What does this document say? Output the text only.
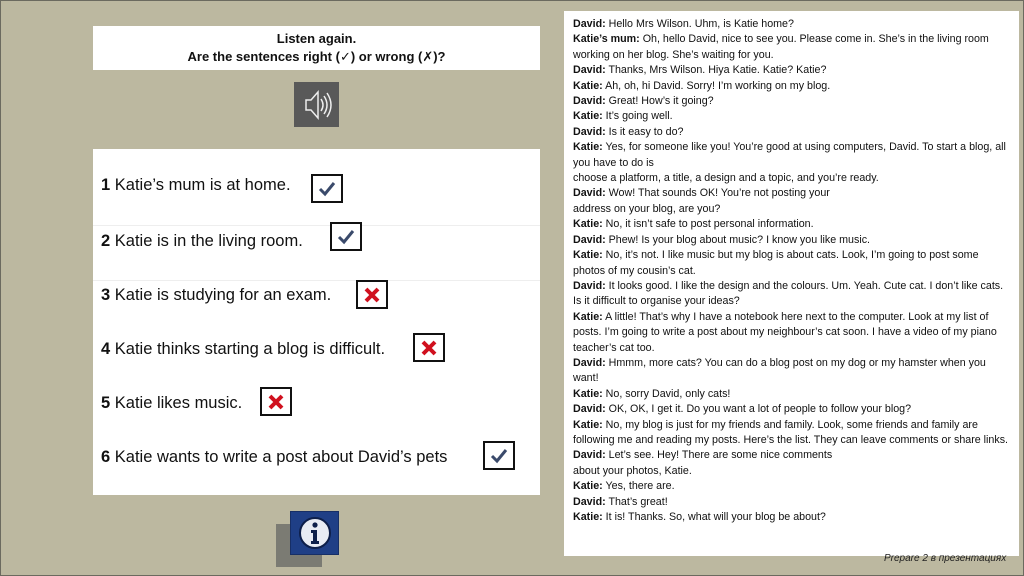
Listen again.
Are the sentences right (✓) or wrong (✗)?
1 Katie’s mum is at home.
2 Katie is in the living room.
3 Katie is studying for an exam.
4 Katie thinks starting a blog is difficult.
5 Katie likes music.
6 Katie wants to write a post about David’s pets

David: Hello Mrs Wilson. Uhm, is Katie home?

Katie’s mum: Oh, hello David, nice to see you. Please come in. She’s in the living room working on her blog. She’s waiting for you.

David: Thanks, Mrs Wilson. Hiya Katie. Katie? Katie?

Katie: Ah, oh, hi David. Sorry! I’m working on my blog.

David: Great! How’s it going?

Katie: It’s going well.

David: Is it easy to do?

Katie: Yes, for someone like you! You’re good at using computers, David. To start a blog, all you have to do is

choose a platform, a title, a design and a topic, and you’re ready.

David: Wow! That sounds OK! You’re not posting your

address on your blog, are you?

Katie: No, it isn’t safe to post personal information.

David: Phew! Is your blog about music? I know you like music.

Katie: No, it’s not. I like music but my blog is about cats. Look, I’m going to post some photos of my cousin’s cat.

David: It looks good. I like the design and the colours. Um. Yeah. Cute cat. I don’t like cats. Is it difficult to organise your ideas?

Katie: A little! That’s why I have a notebook here next to the computer. Look at my list of posts. I’m going to write a post about my neighbour’s cat soon. I have a video of my piano teacher’s cat too.

David: Hmmm, more cats? You can do a blog post on my dog or my hamster when you want!

Katie: No, sorry David, only cats!

David: OK, OK, I get it. Do you want a lot of people to follow your blog?

Katie: No, my blog is just for my friends and family. Look, some friends and family are following me and reading my posts. Here’s the list. They can leave comments or share links.

David: Let’s see. Hey! There are some nice comments

about your photos, Katie.

Katie: Yes, there are.

David: That’s great!

Katie: It is! Thanks. So, what will your blog be about?

Prepare 2 в презентациях
